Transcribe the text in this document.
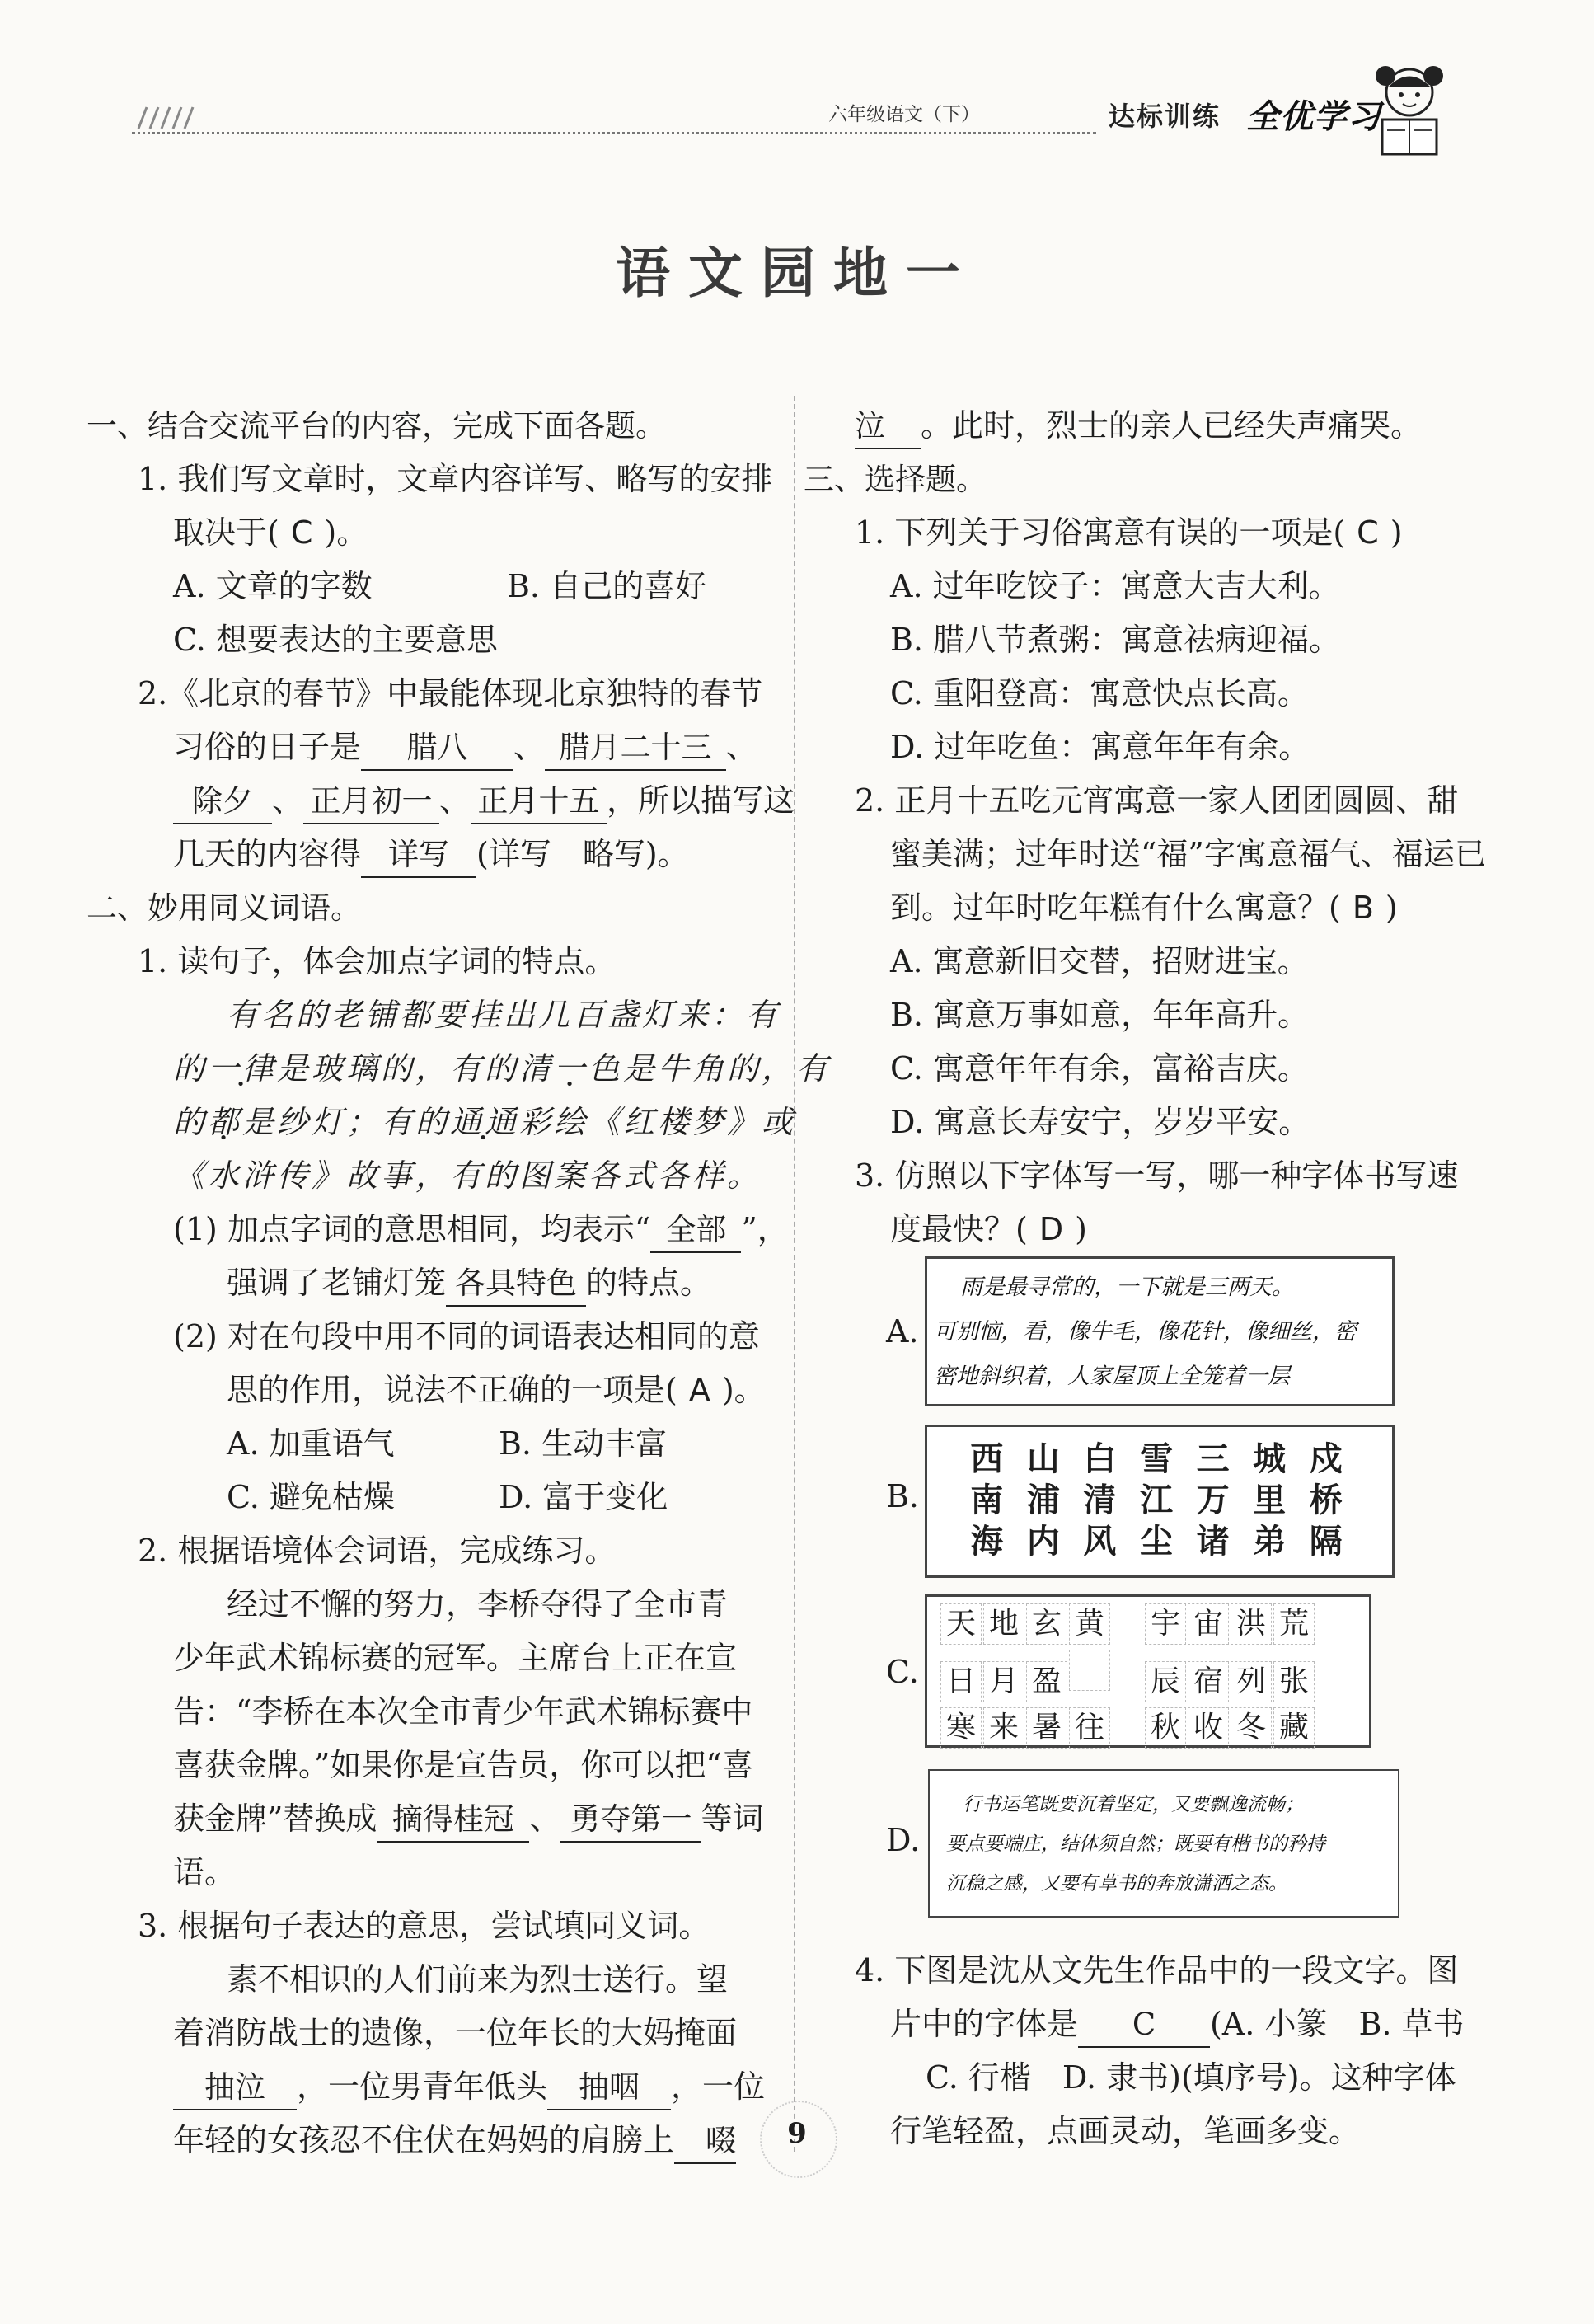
六年级语文（下）	达标训练 全优学习
语文园地一
一、结合交流平台的内容，完成下面各题。
1. 我们写文章时，文章内容详写、略写的安排
取决于( C )。
A. 文章的字数	B. 自己的喜好
C. 想要表达的主要意思
2.《北京的春节》中最能体现北京独特的春节
习俗的日子是 腊八 、 腊月二十三 、
除夕 、 正月初一 、 正月十五 ，所以描写这
几天的内容得 详写 (详写　略写)。
二、妙用同义词语。
1. 读句子，体会加点字词的特点。
有名的老铺都要挂出几百盏灯来：有
的一律是玻璃的，有的清一色是牛角的，有
的都是纱灯；有的通通彩绘《红楼梦》或
《水浒传》故事，有的图案各式各样。
(1) 加点字词的意思相同，均表示“ 全部 ”，
强调了老铺灯笼 各具特色 的特点。
(2) 对在句段中用不同的词语表达相同的意
思的作用，说法不正确的一项是( A )。
A. 加重语气	B. 生动丰富
C. 避免枯燥	D. 富于变化
2. 根据语境体会词语，完成练习。
经过不懈的努力，李桥夺得了全市青
少年武术锦标赛的冠军。主席台上正在宣
告：“李桥在本次全市青少年武术锦标赛中
喜获金牌。”如果你是宣告员，你可以把“喜
获金牌”替换成 摘得桂冠 、 勇夺第一 等词
语。
3. 根据句子表达的意思，尝试填同义词。
素不相识的人们前来为烈士送行。望
着消防战士的遗像，一位年长的大妈掩面
抽泣 ，一位男青年低头 抽咽 ，一位
年轻的女孩忍不住伏在妈妈的肩膀上 啜
泣 。此时，烈士的亲人已经失声痛哭。
三、选择题。
1. 下列关于习俗寓意有误的一项是( C )
A. 过年吃饺子：寓意大吉大利。
B. 腊八节煮粥：寓意祛病迎福。
C. 重阳登高：寓意快点长高。
D. 过年吃鱼：寓意年年有余。
2. 正月十五吃元宵寓意一家人团团圆圆、甜
蜜美满；过年时送“福”字寓意福气、福运已
到。过年时吃年糕有什么寓意？( B )
A. 寓意新旧交替，招财进宝。
B. 寓意万事如意，年年高升。
C. 寓意年年有余，富裕吉庆。
D. 寓意长寿安宁，岁岁平安。
3. 仿照以下字体写一写，哪一种字体书写速
度最快？( D )
A.
雨是最寻常的，一下就是三两天。
可别恼，看，像牛毛，像花针，像细丝，密
密地斜织着，人家屋顶上全笼着一层
B.
西 山 白 雪 三 城 戍
南 浦 清 江 万 里 桥
海 内 风 尘 诸 弟 隔
C.
天 地 玄 黄 宇 宙 洪 荒
日 月 盈	辰 宿 列 张
寒 来 暑 往 秋 收 冬 藏
D.
行书运笔既要沉着坚定，又要飘逸流畅；
要点要端庄，结体须自然；既要有楷书的矜持
沉稳之感，又要有草书的奔放潇洒之态。
4. 下图是沈从文先生作品中的一段文字。图
片中的字体是 C (A. 小篆　B. 草书
C. 行楷　D. 隶书)(填序号)。这种字体
行笔轻盈，点画灵动，笔画多变。
9
